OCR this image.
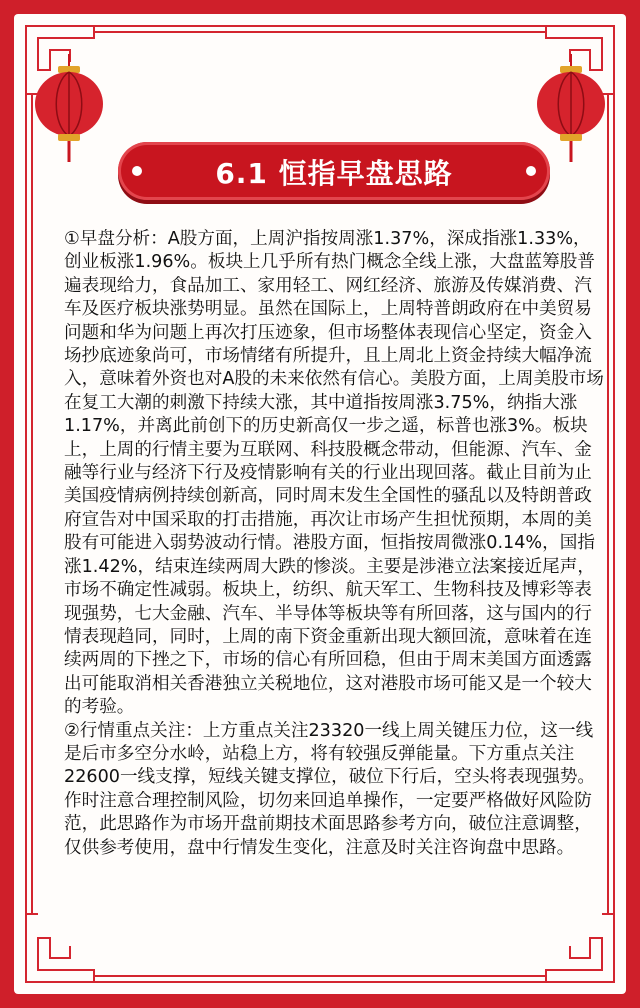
6.1 恒指早盘思路

①早盘分析：A股方面，上周沪指按周涨1.37%，深成指涨1.33%，创业板涨1.96%。板块上几乎所有热门概念全线上涨，大盘蓝筹股普遍表现给力，食品加工、家用轻工、网红经济、旅游及传媒消费、汽车及医疗板块涨势明显。虽然在国际上，上周特普朗政府在中美贸易问题和华为问题上再次打压迹象，但市场整体表现信心坚定，资金入场抄底迹象尚可，市场情绪有所提升，且上周北上资金持续大幅净流入，意味着外资也对A股的未来依然有信心。美股方面，上周美股市场在复工大潮的刺激下持续大涨，其中道指按周涨3.75%，纳指大涨1.17%，并离此前创下的历史新高仅一步之遥，标普也涨3%。板块上，上周的行情主要为互联网、科技股概念带动，但能源、汽车、金融等行业与经济下行及疫情影响有关的行业出现回落。截止目前为止美国疫情病例持续创新高，同时周末发生全国性的骚乱以及特朗普政府宣告对中国采取的打击措施，再次让市场产生担忧预期，本周的美股有可能进入弱势波动行情。港股方面，恒指按周微涨0.14%，国指涨1.42%，结束连续两周大跌的惨淡。主要是涉港立法案接近尾声，市场不确定性减弱。板块上，纺织、航天军工、生物科技及博彩等表现强势，七大金融、汽车、半导体等板块等有所回落，这与国内的行情表现趋同，同时，上周的南下资金重新出现大额回流，意味着在连续两周的下挫之下，市场的信心有所回稳，但由于周末美国方面透露出可能取消相关香港独立关税地位，这对港股市场可能又是一个较大的考验。

②行情重点关注：上方重点关注23320一线上周关键压力位，这一线是后市多空分水岭，站稳上方，将有较强反弹能量。下方重点关注22600一线支撑，短线关键支撑位，破位下行后，空头将表现强势。作时注意合理控制风险，切勿来回追单操作，一定要严格做好风险防范，此思路作为市场开盘前期技术面思路参考方向，破位注意调整，仅供参考使用，盘中行情发生变化，注意及时关注咨询盘中思路。
